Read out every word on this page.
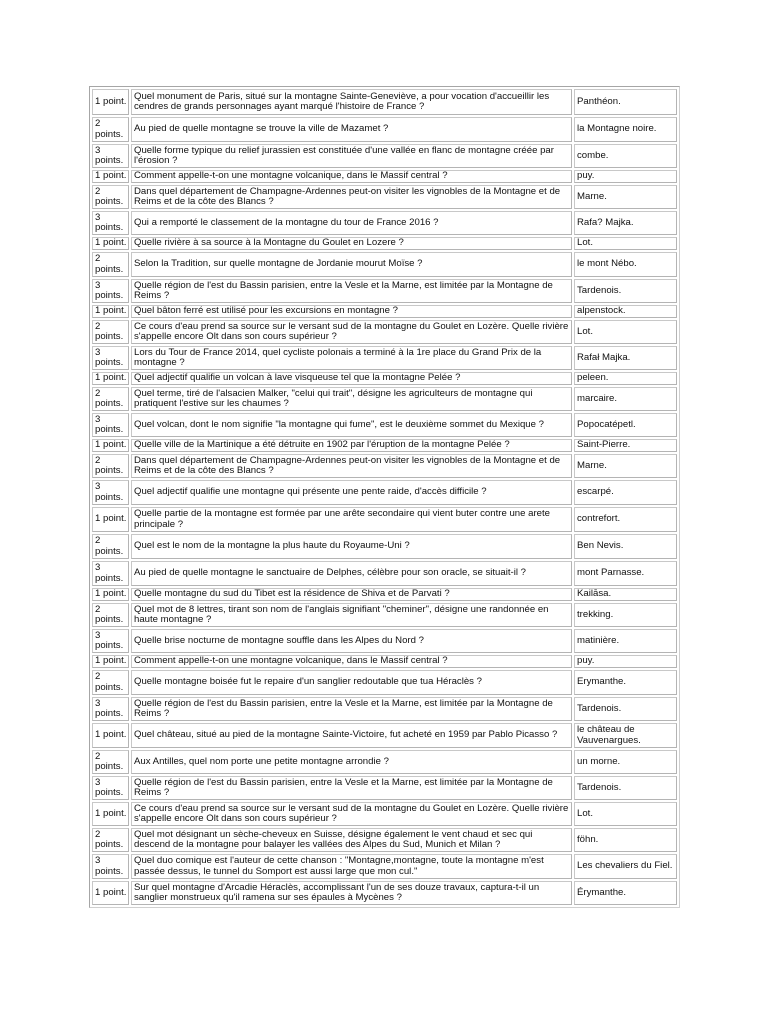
1 point.	Quel monument de Paris, situé sur la montagne Sainte-Geneviève, a pour vocation d'accueillir les cendres de grands personnages ayant marqué l'histoire de France ?	Panthéon.
2 points.	Au pied de quelle montagne se trouve la ville de Mazamet ?	la Montagne noire.
3 points.	Quelle forme typique du relief jurassien est constituée d'une vallée en flanc de montagne créée par l'érosion ?	combe.
1 point.	Comment appelle-t-on une montagne volcanique, dans le Massif central ?	puy.
2 points.	Dans quel département de Champagne-Ardennes peut-on visiter les vignobles de la Montagne et de Reims et de la côte des Blancs ?	Marne.
3 points.	Qui a remporté le classement de la montagne du tour de France 2016 ?	Rafa? Majka.
1 point.	Quelle rivière à sa source à la Montagne du Goulet en Lozere ?	Lot.
2 points.	Selon la Tradition, sur quelle montagne de Jordanie mourut Moïse ?	le mont Nébo.
3 points.	Quelle région de l'est du Bassin parisien, entre la Vesle et la Marne, est limitée par la Montagne de Reims ?	Tardenois.
1 point.	Quel bâton ferré est utilisé pour les excursions en montagne ?	alpenstock.
2 points.	Ce cours d'eau prend sa source sur le versant sud de la montagne du Goulet en Lozère. Quelle rivière s'appelle encore Olt dans son cours supérieur ?	Lot.
3 points.	Lors du Tour de France 2014, quel cycliste polonais a terminé à la 1re place du Grand Prix de la montagne ?	Rafał Majka.
1 point.	Quel adjectif qualifie un volcan à lave visqueuse tel que la montagne Pelée ?	peleen.
2 points.	Quel terme, tiré de l'alsacien Malker, "celui qui trait", désigne les agriculteurs de montagne qui pratiquent l'estive sur les chaumes ?	marcaire.
3 points.	Quel volcan, dont le nom signifie "la montagne qui fume", est le deuxième sommet du Mexique ?	Popocatépetl.
1 point.	Quelle ville de la Martinique a été détruite en 1902 par l'éruption de la montagne Pelée ?	Saint-Pierre.
2 points.	Dans quel département de Champagne-Ardennes peut-on visiter les vignobles de la Montagne et de Reims et de la côte des Blancs ?	Marne.
3 points.	Quel adjectif qualifie une montagne qui présente une pente raide, d'accès difficile ?	escarpé.
1 point.	Quelle partie de la montagne est formée par une arête secondaire qui vient buter contre une arete principale ?	contrefort.
2 points.	Quel est le nom de la montagne la plus haute du Royaume-Uni ?	Ben Nevis.
3 points.	Au pied de quelle montagne le sanctuaire de Delphes, célèbre pour son oracle, se situait-il ?	mont Parnasse.
1 point.	Quelle montagne du sud du Tibet est la résidence de Shiva et de Parvati ?	Kailāsa.
2 points.	Quel mot de 8 lettres, tirant son nom de l'anglais signifiant "cheminer", désigne une randonnée en haute montagne ?	trekking.
3 points.	Quelle brise nocturne de montagne souffle dans les Alpes du Nord ?	matinière.
1 point.	Comment appelle-t-on une montagne volcanique, dans le Massif central ?	puy.
2 points.	Quelle montagne boisée fut le repaire d'un sanglier redoutable que tua Héraclès ?	Erymanthe.
3 points.	Quelle région de l'est du Bassin parisien, entre la Vesle et la Marne, est limitée par la Montagne de Reims ?	Tardenois.
1 point.	Quel château, situé au pied de la montagne Sainte-Victoire, fut acheté en 1959 par Pablo Picasso ?	le château de Vauvenargues.
2 points.	Aux Antilles, quel nom porte une petite montagne arrondie ?	un morne.
3 points.	Quelle région de l'est du Bassin parisien, entre la Vesle et la Marne, est limitée par la Montagne de Reims ?	Tardenois.
1 point.	Ce cours d'eau prend sa source sur le versant sud de la montagne du Goulet en Lozère. Quelle rivière s'appelle encore Olt dans son cours supérieur ?	Lot.
2 points.	Quel mot désignant un sèche-cheveux en Suisse, désigne également le vent chaud et sec qui descend de la montagne pour balayer les vallées des Alpes du Sud, Munich et Milan ?	föhn.
3 points.	Quel duo comique est l'auteur de cette chanson : "Montagne,montagne, toute la montagne m'est passée dessus, le tunnel du Somport est aussi large que mon cul."	Les chevaliers du Fiel.
1 point.	Sur quel montagne d'Arcadie Héraclès, accomplissant l'un de ses douze travaux, captura-t-il un sanglier monstrueux qu'il ramena sur ses épaules à Mycènes ?	Érymanthe.
